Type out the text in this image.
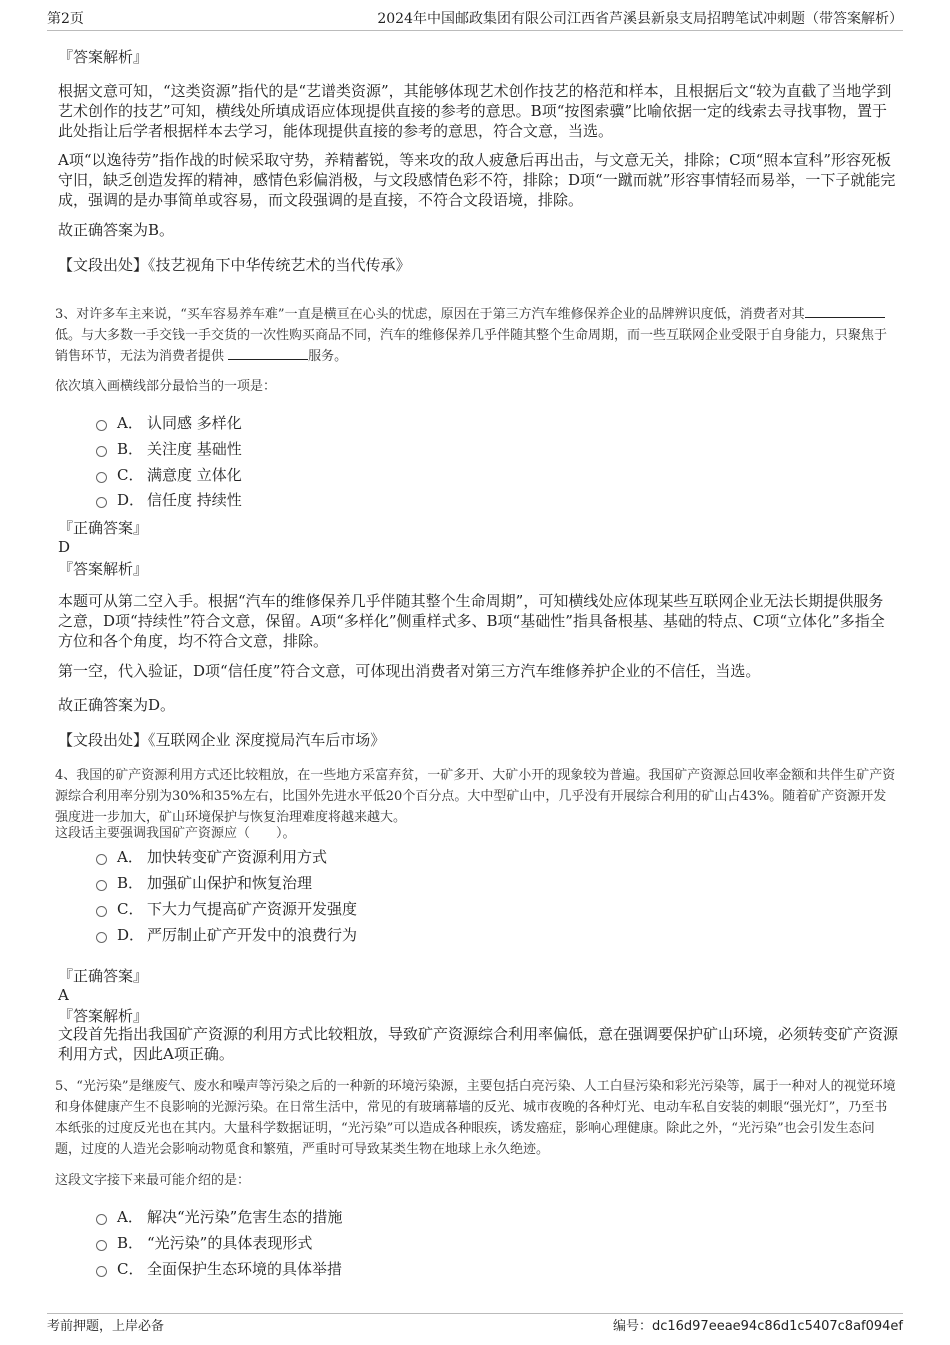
第2页	2024年中国邮政集团有限公司江西省芦溪县新泉支局招聘笔试冲刺题（带答案解析）
『答案解析』

根据文意可知，“这类资源”指代的是“艺谱类资源”，其能够体现艺术创作技艺的格范和样本，且根据后文“较为直截了当地学到艺术创作的技艺”可知，横线处所填成语应体现提供直接的参考的意思。B项“按图索骥”比喻依据一定的线索去寻找事物，置于此处指让后学者根据样本去学习，能体现提供直接的参考的意思，符合文意，当选。

A项“以逸待劳”指作战的时候采取守势，养精蓄锐，等来攻的敌人疲惫后再出击，与文意无关，排除；C项“照本宣科”形容死板守旧，缺乏创造发挥的精神，感情色彩偏消极，与文段感情色彩不符，排除；D项“一蹴而就”形容事情轻而易举，一下子就能完成，强调的是办事简单或容易，而文段强调的是直接，不符合文段语境，排除。

故正确答案为B。

【文段出处】《技艺视角下中华传统艺术的当代传承》

3、对许多车主来说，“买车容易养车难”一直是横亘在心头的忧虑，原因在于第三方汽车维修保养企业的品牌辨识度低，消费者对其低。与大多数一手交钱一手交货的一次性购买商品不同，汽车的维修保养几乎伴随其整个生命周期，而一些互联网企业受限于自身能力，只聚焦于销售环节，无法为消费者提供	服务。

依次填入画横线部分最恰当的一项是：

A． 认同感 多样化
B． 关注度 基础性
C． 满意度 立体化
D． 信任度 持续性
『正确答案』
D
『答案解析』

本题可从第二空入手。根据“汽车的维修保养几乎伴随其整个生命周期”，可知横线处应体现某些互联网企业无法长期提供服务之意，D项“持续性”符合文意，保留。A项“多样化”侧重样式多、B项“基础性”指具备根基、基础的特点、C项“立体化”多指全方位和各个角度，均不符合文意，排除。

第一空，代入验证，D项“信任度”符合文意，可体现出消费者对第三方汽车维修养护企业的不信任，当选。

故正确答案为D。

【文段出处】《互联网企业 深度搅局汽车后市场》

4、我国的矿产资源利用方式还比较粗放，在一些地方采富弃贫，一矿多开、大矿小开的现象较为普遍。我国矿产资源总回收率金额和共伴生矿产资源综合利用率分别为30%和35%左右，比国外先进水平低20个百分点。大中型矿山中，几乎没有开展综合利用的矿山占43%。随着矿产资源开发强度进一步加大，矿山环境保护与恢复治理难度将越来越大。

这段话主要强调我国矿产资源应（　　）。

A． 加快转变矿产资源利用方式
B． 加强矿山保护和恢复治理
C． 下大力气提高矿产资源开发强度
D． 严厉制止矿产开发中的浪费行为
『正确答案』
A
『答案解析』

文段首先指出我国矿产资源的利用方式比较粗放，导致矿产资源综合利用率偏低，意在强调要保护矿山环境，必须转变矿产资源利用方式，因此A项正确。

5、“光污染”是继废气、废水和噪声等污染之后的一种新的环境污染源，主要包括白亮污染、人工白昼污染和彩光污染等，属于一种对人的视觉环境和身体健康产生不良影响的光源污染。在日常生活中，常见的有玻璃幕墙的反光、城市夜晚的各种灯光、电动车私自安装的刺眼“强光灯”，乃至书本纸张的过度反光也在其内。大量科学数据证明，“光污染”可以造成各种眼疾，诱发癌症，影响心理健康。除此之外，“光污染”也会引发生态问题，过度的人造光会影响动物觅食和繁殖，严重时可导致某类生物在地球上永久绝迹。

这段文字接下来最可能介绍的是：

A． 解决“光污染”危害生态的措施
B． “光污染”的具体表现形式
C． 全面保护生态环境的具体举措
考前押题，上岸必备	编号：dc16d97eeae94c86d1c5407c8af094ef
